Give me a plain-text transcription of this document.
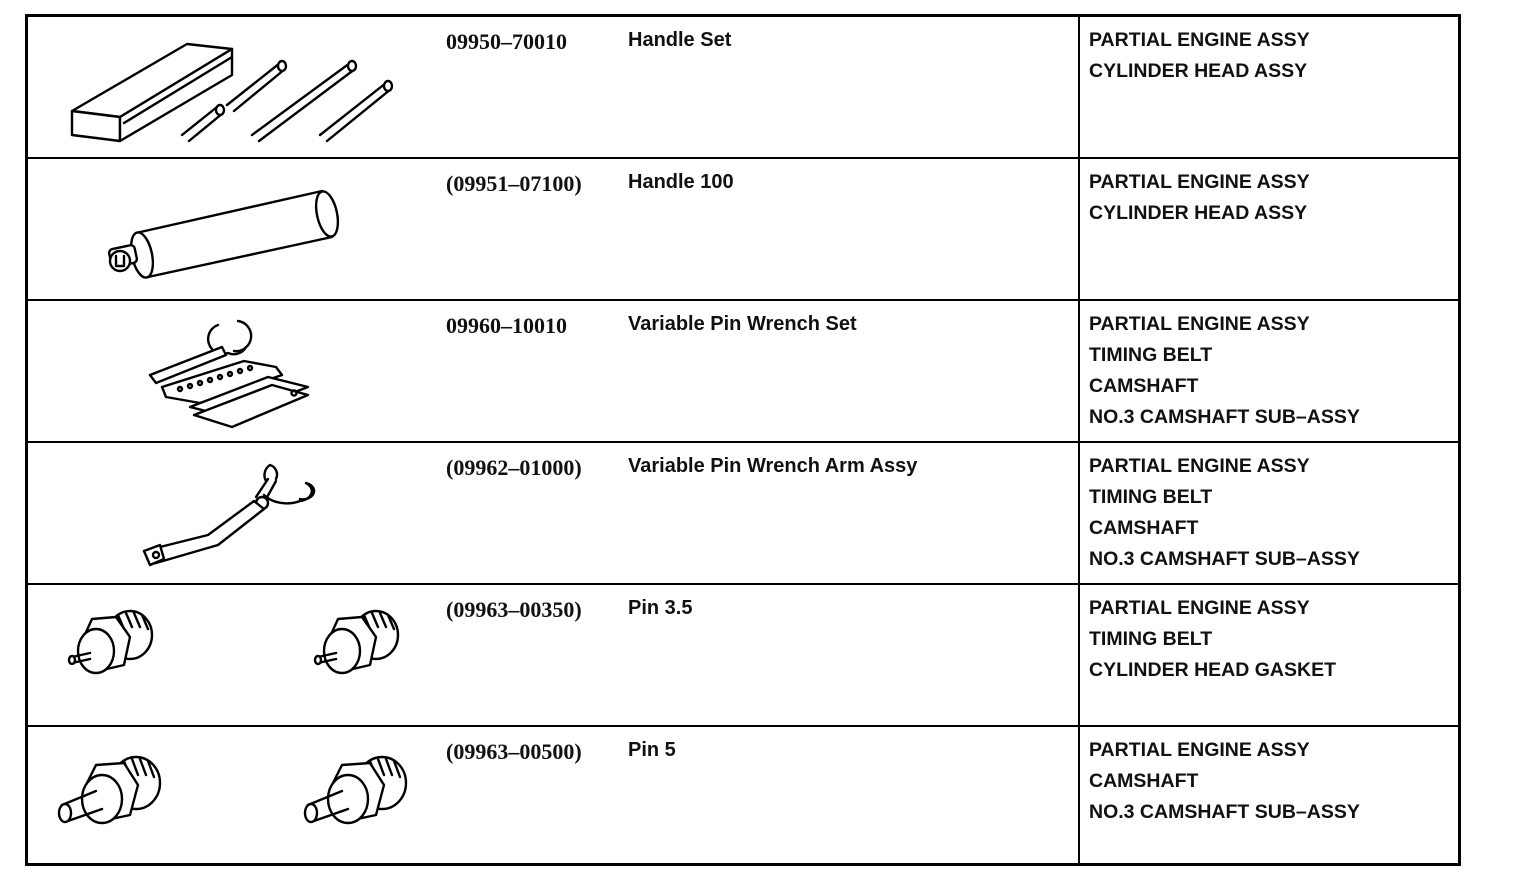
09950–70010	Handle Set	PARTIAL ENGINE ASSY
CYLINDER HEAD ASSY
(09951–07100) Handle 100	PARTIAL ENGINE ASSY
CYLINDER HEAD ASSY
09960–10010	Variable Pin Wrench Set	PARTIAL ENGINE ASSY
TIMING BELT
CAMSHAFT
NO.3 CAMSHAFT SUB–ASSY
(09962–01000) Variable Pin Wrench Arm Assy	PARTIAL ENGINE ASSY
TIMING BELT
CAMSHAFT
NO.3 CAMSHAFT SUB–ASSY
(09963–00350) Pin 3.5	PARTIAL ENGINE ASSY
TIMING BELT
CYLINDER HEAD GASKET
(09963–00500) Pin 5	PARTIAL ENGINE ASSY
CAMSHAFT
NO.3 CAMSHAFT SUB–ASSY
